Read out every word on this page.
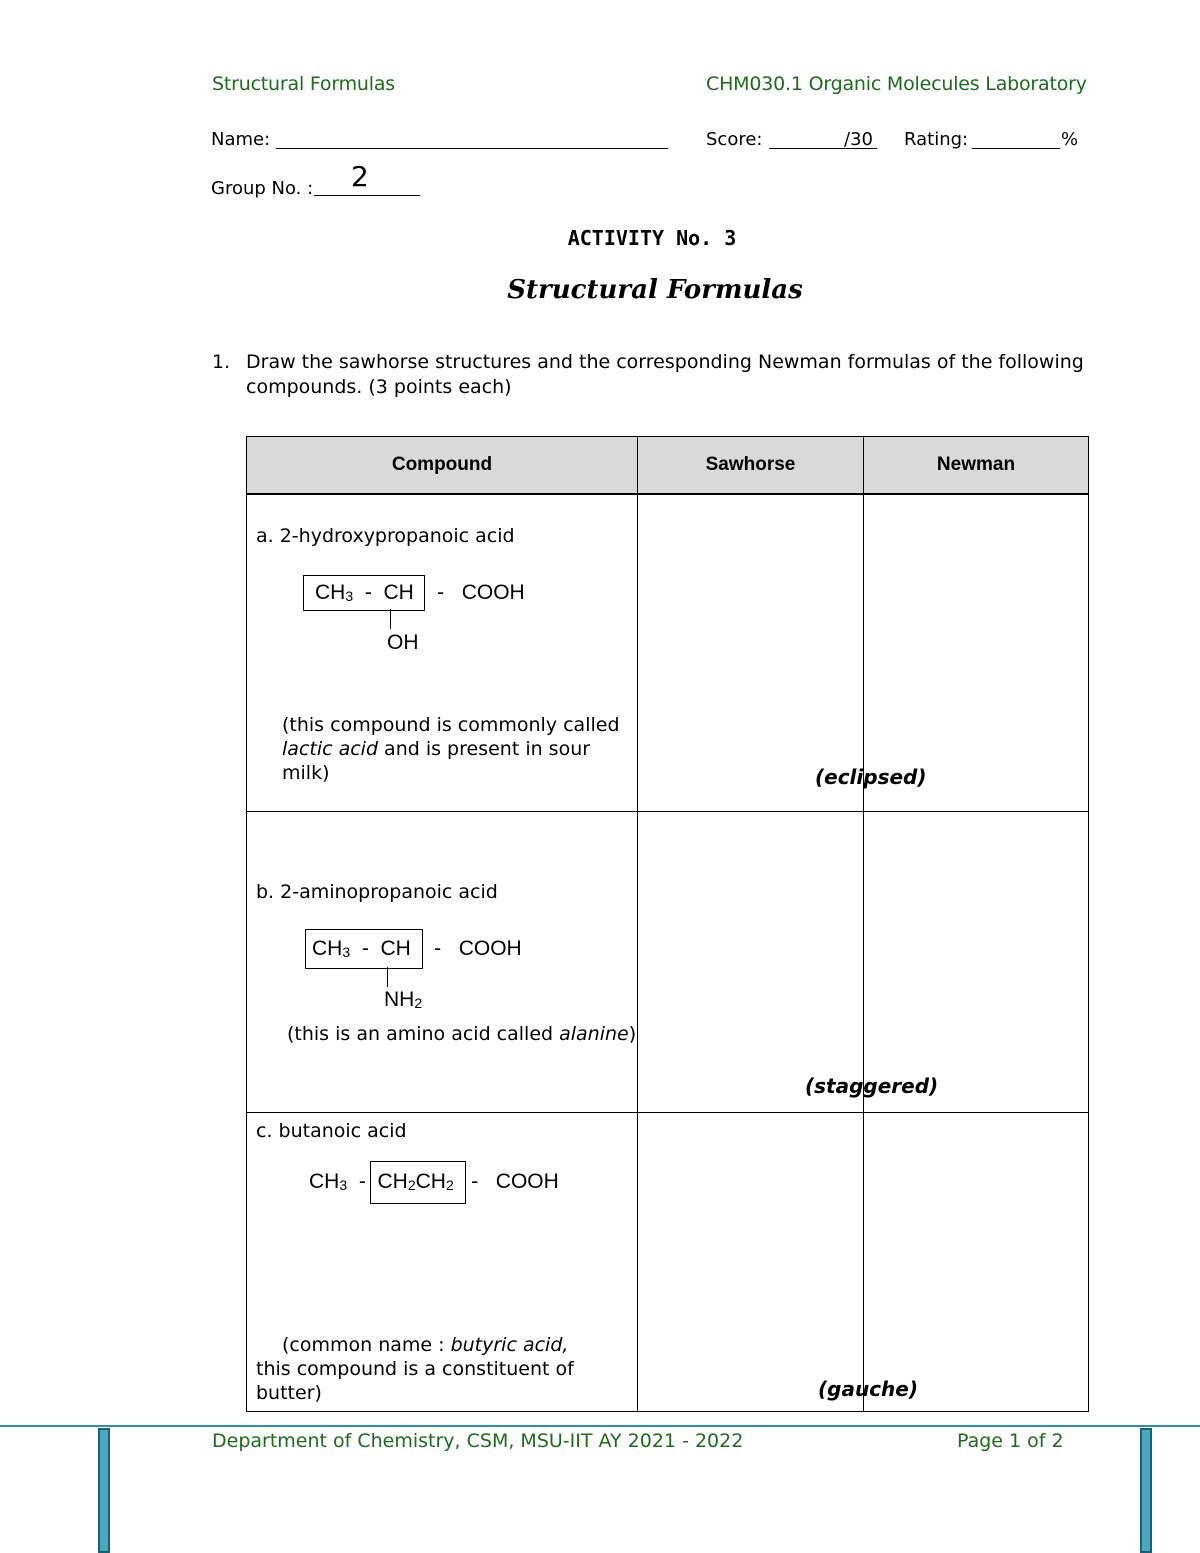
Structural Formulas	CHM030.1 Organic Molecules Laboratory
Name:	Score:	/30 Rating:	%
Group No. : 2
ACTIVITY No. 3
Structural Formulas
1. Draw the sawhorse structures and the corresponding Newman formulas of the following
compounds. (3 points each)
Compound	Sawhorse	Newman

a. 2-hydroxypropanoic acid
CH3 - CH - COOH
OH
(this compound is commonly called
lactic acid and is present in sour milk)	(eclipsed)	

b. 2-aminopropanoic acid
CH3 - CH - COOH
NH2
(this is an amino acid called alanine)	(staggered)	

c. butanoic acid
CH3 - CH2CH2 - COOH
(common name : butyric acid,
this compound is a constituent of butter)	(gauche)	

Department of Chemistry, CSM, MSU-IIT AY 2021 - 2022	Page 1 of 2
